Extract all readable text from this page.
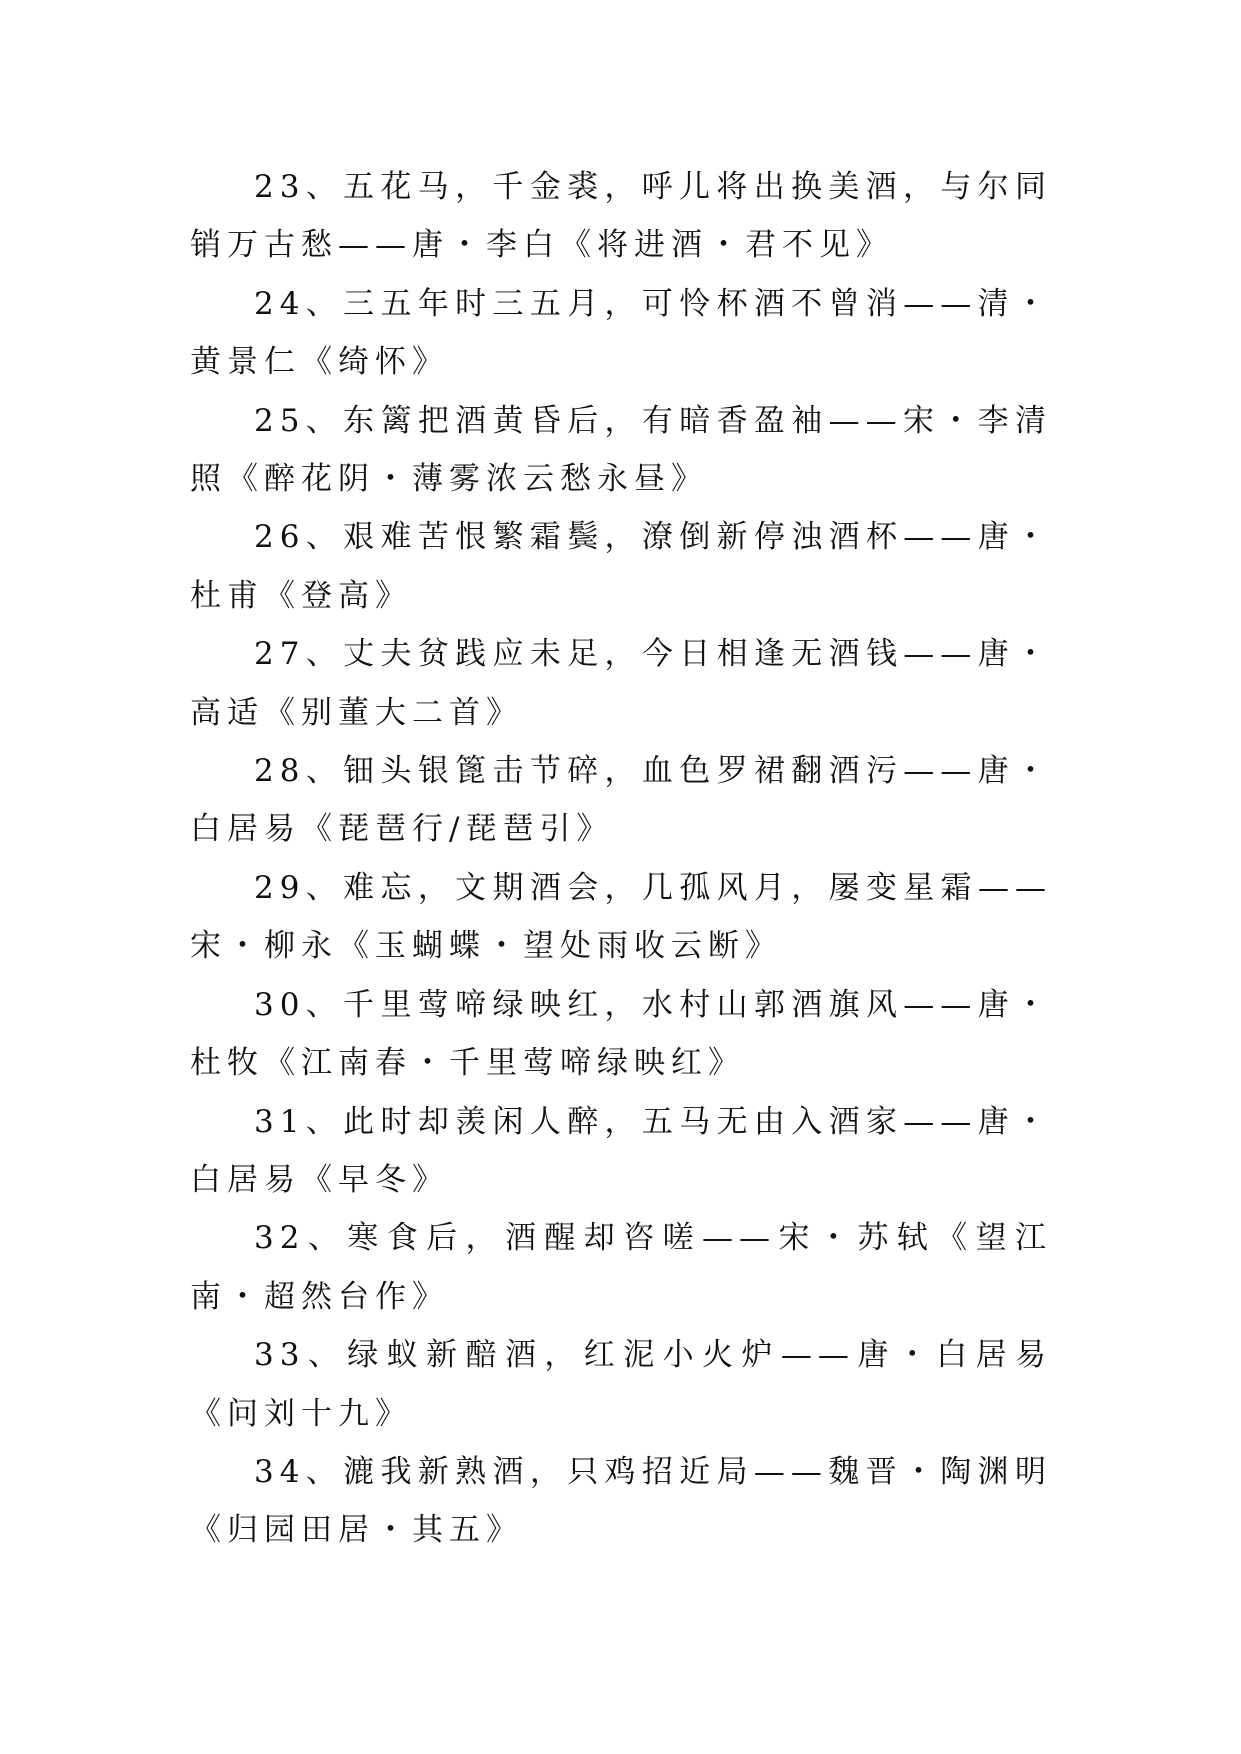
23、五花马，千金裘，呼儿将出换美酒，与尔同销万古愁——唐・李白《将进酒・君不见》

24、三五年时三五月，可怜杯酒不曾消——清・黄景仁《绮怀》

25、东篱把酒黄昏后，有暗香盈袖——宋・李清照《醉花阴・薄雾浓云愁永昼》

26、艰难苦恨繁霜鬓，潦倒新停浊酒杯——唐・杜甫《登高》

27、丈夫贫践应未足，今日相逢无酒钱——唐・高适《别董大二首》

28、钿头银篦击节碎，血色罗裙翻酒污——唐・白居易《琵琶行/琵琶引》

29、难忘，文期酒会，几孤风月，屡变星霜——宋・柳永《玉蝴蝶・望处雨收云断》

30、千里莺啼绿映红，水村山郭酒旗风——唐・杜牧《江南春・千里莺啼绿映红》

31、此时却羡闲人醉，五马无由入酒家——唐・白居易《早冬》

32、寒食后，酒醒却咨嗟——宋・苏轼《望江南・超然台作》

33、绿蚁新醅酒，红泥小火炉——唐・白居易《问刘十九》

34、漉我新熟酒，只鸡招近局——魏晋・陶渊明《归园田居・其五》
